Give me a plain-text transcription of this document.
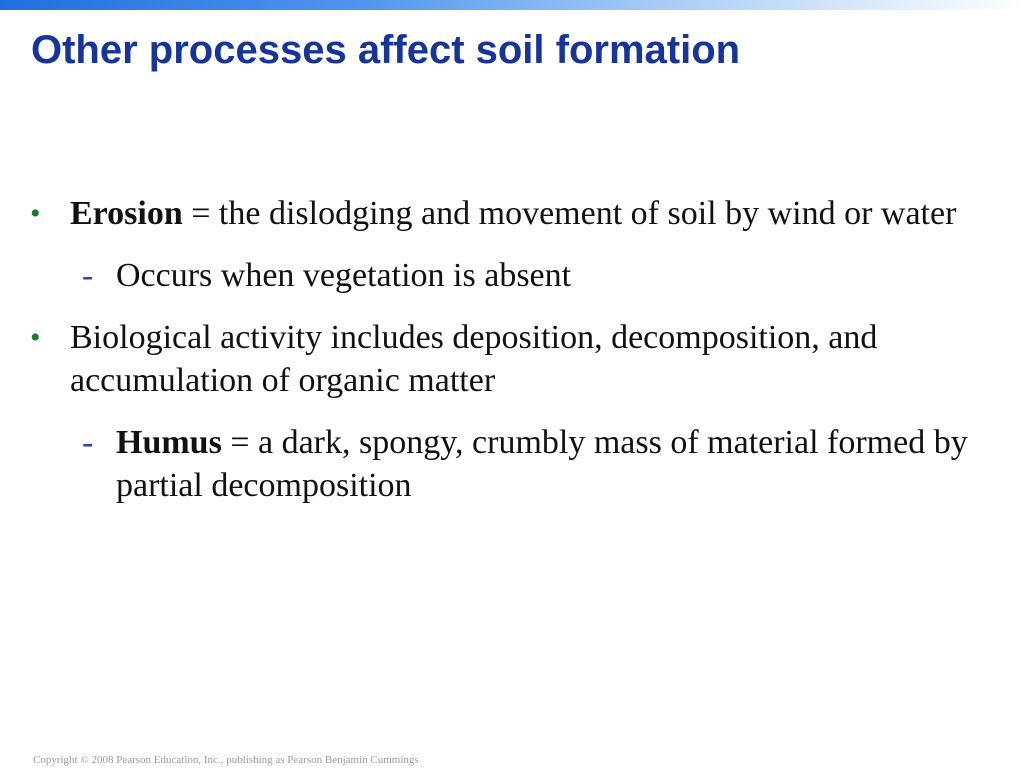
Other processes affect soil formation
• Erosion = the dislodging and movement of soil by wind or water
- Occurs when vegetation is absent
• Biological activity includes deposition, decomposition, and accumulation of organic matter
- Humus = a dark, spongy, crumbly mass of material formed by partial decomposition
Copyright © 2008 Pearson Education, Inc., publishing as Pearson Benjamin Cummings
